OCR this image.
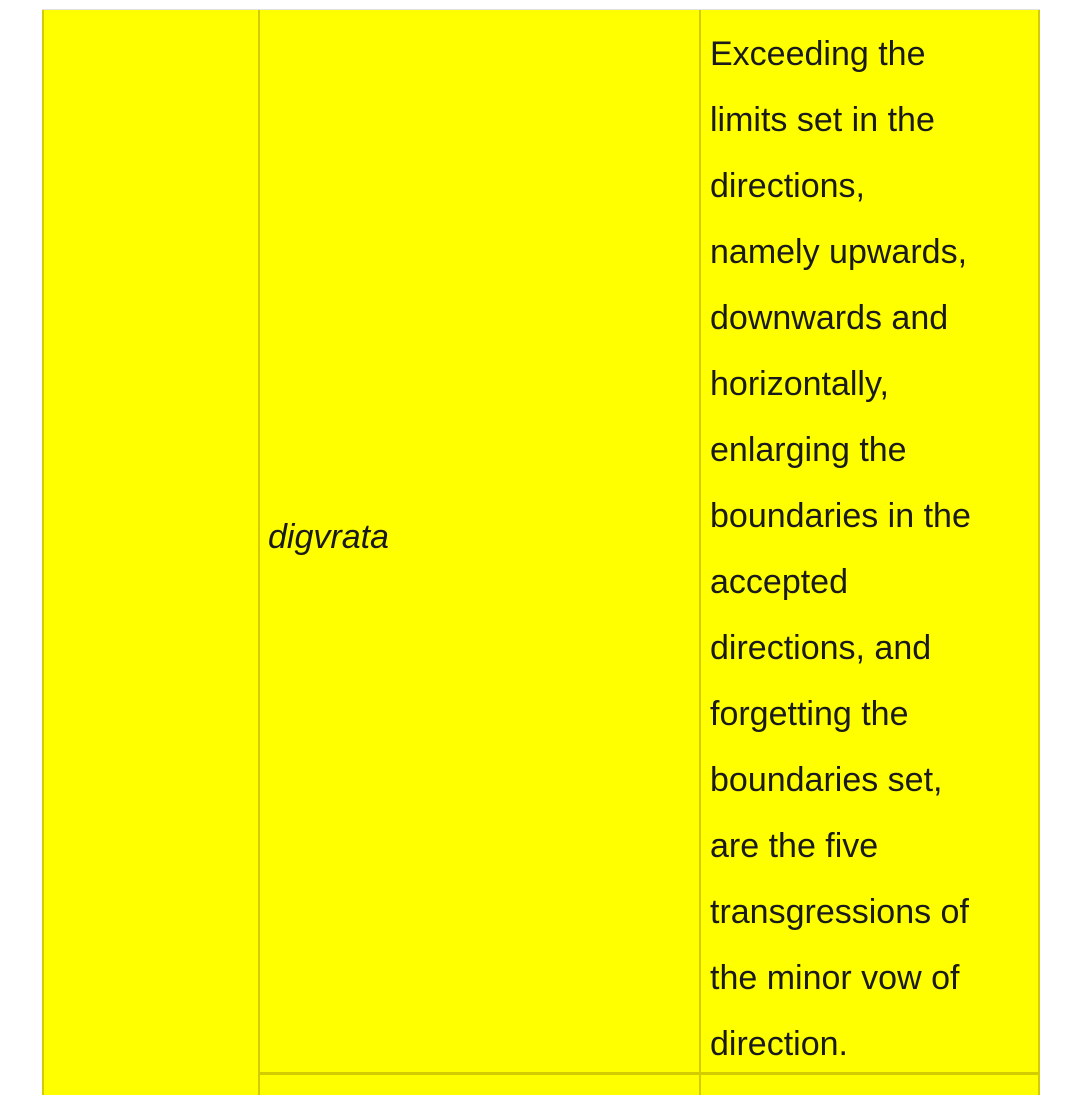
digvrata
Exceeding the
limits set in the
directions,
namely upwards,
downwards and
horizontally,
enlarging the
boundaries in the
accepted
directions, and
forgetting the
boundaries set,
are the five
transgressions of
the minor vow of
direction.
